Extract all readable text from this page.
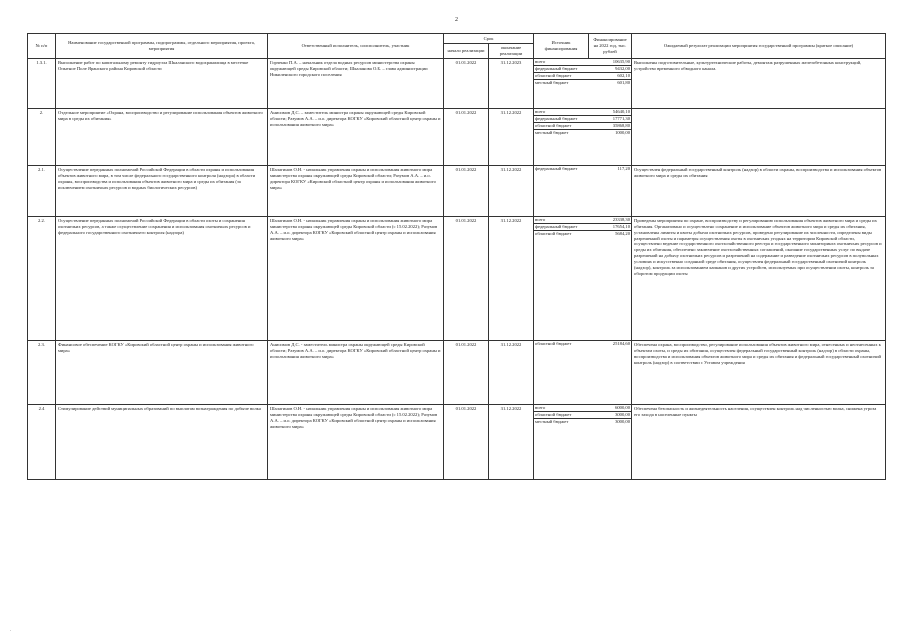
2
№ п/п	Наименование государственной программы, подпрограммы, отдельного мероприятия, проекта, мероприятия	Ответственный исполнитель, соисполнитель, участник	Срок	Источник финансирования	Финансирование на 2022 год, тыс. рублей	Ожидаемый результат реализации мероприятия государственной программы (краткое описание)
начало реализации	окончание реализации
1.3.1.	Выполнение работ по капитальному ремонту гидроузла Шкаланского водохранилища в местечке Опытное Поле Яранского района Кировской области	Горченко П.А. – начальник отдела водных ресурсов министерства охраны окружающей среды Кировской области; Шкаланова О.Б. – глава администрации Никиленского городского поселения	01.01.2022	31.12.2023		всего	10635,90
федеральный бюджет	9432,00
областной бюджет	602,10
местный бюджет	601,80
	Выполнены подготовительные, культуртехнические работы, демонтаж разрушенных железобетонных конструкций, устройство временного обводного канала.
2.	Отдельное мероприятие «Охрана, воспроизводство и регулирование использования объектов животного мира в среды их обитания»	Анисимов Д.С. – заместитель министра охраны окружающей среды Кировской области; Разумов А.А. – и.о. директора КОГКУ «Кировский областной центр охраны и использования животного мира»	01.01.2022	31.12.2022		всего	54640,10
федеральный бюджет	17771,30
областной бюджет	35868,80
местный бюджет	1000,00

2.1.	Осуществление переданных полномочий Российской Федерации в области охраны и использования объектов животного мира, в том числе федерального государственного контроля (надзора) в области охраны, воспроизводства и использования объектов животного мира и среды их обитания (за исключением охотничьих ресурсов и водных биологических ресурсов)	Шалагинов О.Н. - начальник управления охраны и использования животного мира министерства охраны окружающей среды Кировской области; Разумов А.А. – и.о. директора КОГКУ «Кировский областной центр охраны и использования животного мира»	01.01.2022	31.12.2022		федеральный бюджет	117,20
	Осуществлен федеральный государственный контроль (надзор) в области охраны, воспроизводства и использования объектов животного мира и среды их обитания
2.2.	Осуществление переданных полномочий Российской Федерации в области охоты и сохранения охотничьих ресурсов, а также осуществление сохранения и использования охотничьих ресурсов и федерального государственного охотничьего контроля (надзора)	Шалагинов О.Н. - начальник управления охраны и использования животного мира министерства охраны окружающей среды Кировской области (с 15.02.2022); Разумов А.А. – и.о. директора КОГКУ «Кировский областной центр охраны и использования животного мира»	01.01.2022	31.12.2022		всего	23338,30
федеральный бюджет	17654,10
областной бюджет	5684,20
	Проведены мероприятия по охране, воспроизводству и регулированию использования объектов животного мира и среды их обитания. Организовано и осуществлено сохранение и использование объектов животного мира и среды их обитания, установлены лимиты и квоты добычи охотничьих ресурсов, проведено регулирование их численности, определены виды разрешенной охоты и параметры осуществления охоты в охотничьих угодьях на территории Кировской области, осуществлено ведение государственного охотхозяйственного реестра и государственного мониторинга охотничьих ресурсов и среды их обитания, обеспечено заключение охотхозяйственных соглашений, оказание государственных услуг по выдаче разрешений на добычу охотничьих ресурсов и разрешений на содержание и разведение охотничьих ресурсов в полувольных условиях и искусственно созданной среде обитания, осуществлен федеральный государственный охотничий контроль (надзор), контроль за использованием капканов и других устройств, используемых при осуществлении охоты, контроль за оборотом продукции охоты
2.3.	Финансовое обеспечение КОГКУ «Кировский областной центр охраны и использования животного мира»	Анисимов Д.С. - заместитель министра охраны окружающей среды Кировской области; Разумов А.А. – и.о. директора КОГКУ «Кировский областной центр охраны и использования животного мира»	01.01.2022	31.12.2022		областной бюджет	25184,60
	Обеспечена охрана, воспроизводство, регулирование использования объектов животного мира, отнесенных и неотнесенных к объектам охоты, и среды их обитания, осуществлен федеральный государственный контроль (надзор) в области охраны, воспроизводства и использования объектов животного мира и среды их обитания и федеральный государственный охотничий контроль (надзор) в соответствии с Уставом учреждения
2.4	Стимулирование действий муниципальных образований по выплатам вознаграждения по добыче волка	Шалагинов О.Н. - начальник управления охраны и использования животного мира министерства охраны окружающей среды Кировской области (с 15.02.2022); Разумов А.А. – и.о. директора КОГКУ «Кировский областной центр охраны и использования животного мира»	01.01.2022	31.12.2022		всего	6000,00
областной бюджет	3000,00
местный бюджет	3000,00
	Обеспечена безопасность и жизнедеятельность населения, осуществлен контроль над численностью волка, снижена угроза его захода в населенные пункты
.
